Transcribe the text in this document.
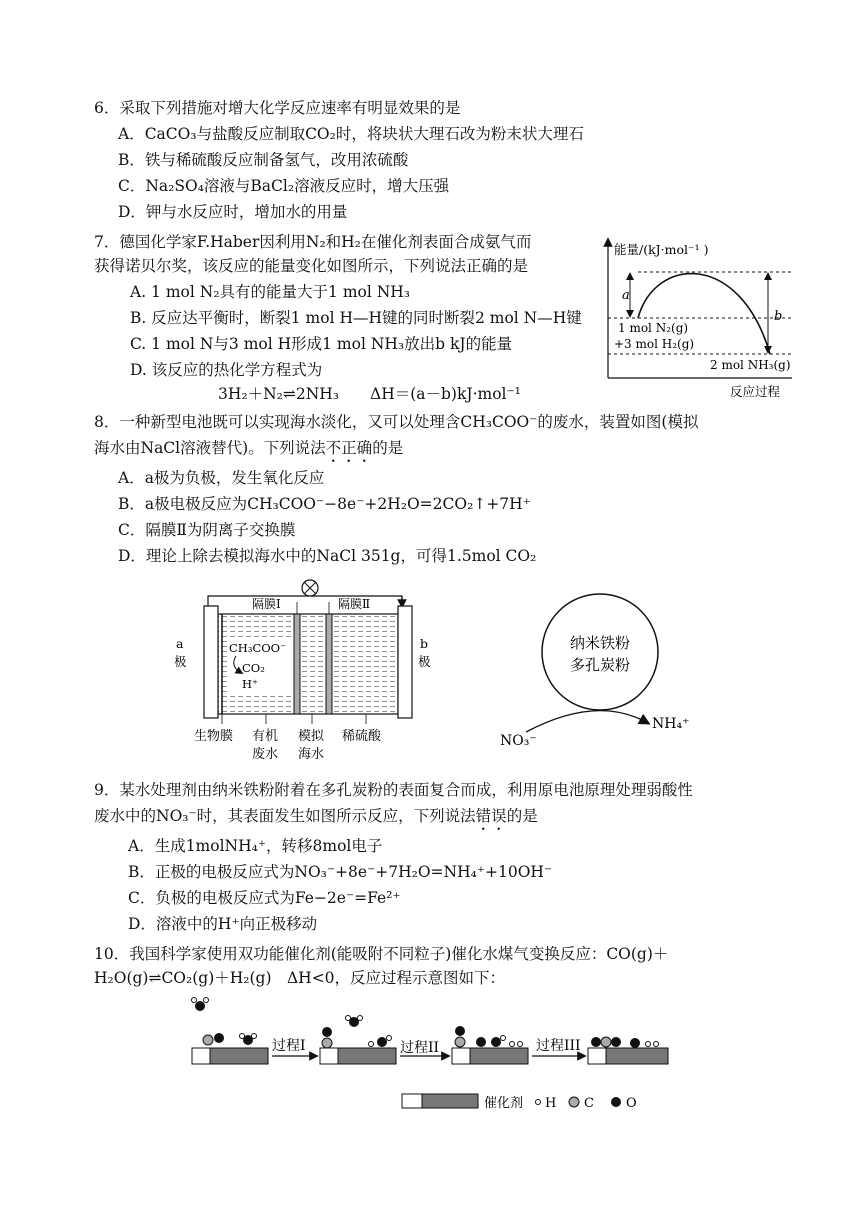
6．采取下列措施对增大化学反应速率有明显效果的是
A．CaCO₃与盐酸反应制取CO₂时，将块状大理石改为粉末状大理石
B．铁与稀硫酸反应制备氢气，改用浓硫酸
C．Na₂SO₄溶液与BaCl₂溶液反应时，增大压强
D．钾与水反应时，增加水的用量
7．德国化学家F.Haber因利用N₂和H₂在催化剂表面合成氨气而
获得诺贝尔奖，该反应的能量变化如图所示，下列说法正确的是
A. 1 mol N₂具有的能量大于1 mol NH₃
B. 反应达平衡时，断裂1 mol H—H键的同时断裂2 mol N—H键
C. 1 mol N与3 mol H形成1 mol NH₃放出b kJ的能量
D. 该反应的热化学方程式为
3H₂＋N₂⇌2NH₃　　ΔH＝(a－b)kJ·mol⁻¹
能量/(kJ·mol⁻¹ )
a
b
1 mol N₂(g)
+3 mol H₂(g)
2 mol NH₃(g)
反应过程
8．一种新型电池既可以实现海水淡化，又可以处理含CH₃COO⁻的废水，装置如图(模拟
海水由NaCl溶液替代)。下列说法不正确的是
A．a极为负极，发生氧化反应
B．a极电极反应为CH₃COO⁻−8e⁻+2H₂O=2CO₂↑+7H⁺
C．隔膜Ⅱ为阴离子交换膜
D．理论上除去模拟海水中的NaCl 351g，可得1.5mol CO₂
隔膜Ⅰ	隔膜Ⅱ
a
极
b
极
CH₃COO⁻
CO₂
H⁺
生物膜 有机
废水
模拟
海水
稀硫酸
纳米铁粉
多孔炭粉
NO₃⁻
NH₄⁺
9．某水处理剂由纳米铁粉附着在多孔炭粉的表面复合而成，利用原电池原理处理弱酸性
废水中的NO₃⁻时，其表面发生如图所示反应，下列说法错误的是
A．生成1molNH₄⁺，转移8mol电子
B．正极的电极反应式为NO₃⁻+8e⁻+7H₂O=NH₄⁺+10OH⁻
C．负极的电极反应式为Fe−2e⁻=Fe²⁺
D．溶液中的H⁺向正极移动
10．我国科学家使用双功能催化剂(能吸附不同粒子)催化水煤气变换反应：CO(g)＋
H₂O(g)⇌CO₂(g)＋H₂(g)　ΔH<0，反应过程示意图如下：
过程I	过程II	过程III
催化剂 H C O
